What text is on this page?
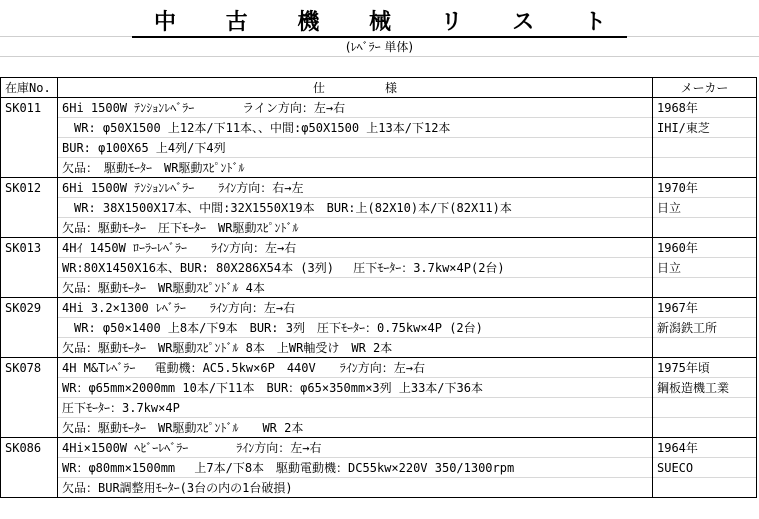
中 古 機 械 リ ス ト
(ﾚﾍﾞﾗｰ 単体)
在庫No.	仕　　　　　様	メーカー
SK011	6Hi 1500W ﾃﾝｼｮﾝﾚﾍﾞﾗｰ　　　　ライン方向：左→右	1968年
	　WR: φ50X1500 上12本/下11本、、中間:φ50X1500 上13本/下12本	IHI/東芝
	BUR: φ100X65 上4列/下4列	
	欠品：　駆動ﾓｰﾀｰ　WR駆動ｽﾋﾟﾝﾄﾞﾙ	
SK012	6Hi 1500W ﾃﾝｼｮﾝﾚﾍﾞﾗｰ　　ﾗｲﾝ方向：右→左	1970年
	　WR: 38X1500X17本、中間:32X1550X19本　BUR:上(82X10)本/下(82X11)本	日立
	欠品：駆動ﾓｰﾀｰ　圧下ﾓｰﾀｰ　WR駆動ｽﾋﾟﾝﾄﾞﾙ	
SK013	4Hｲ 1450W ﾛｰﾗｰﾚﾍﾞﾗｰ　　ﾗｲﾝ方向：左→右	1960年
	WR:80X1450X16本、BUR: 80X286X54本 (3列)　 圧下ﾓｰﾀｰ：3.7kw×4P(2台)	日立
	欠品：駆動ﾓｰﾀｰ　WR駆動ｽﾋﾟﾝﾄﾞﾙ 4本	
SK029	4Hi 3.2×1300 ﾚﾍﾞﾗｰ　　ﾗｲﾝ方向：左→右	1967年
	　WR: φ50×1400 上8本/下9本　BUR: 3列　圧下ﾓｰﾀｰ：0.75kw×4P (2台)	新潟鉄工所
	欠品：駆動ﾓｰﾀｰ　WR駆動ｽﾋﾟﾝﾄﾞﾙ 8本　上WR軸受け　WR 2本	
SK078	4H M&Tﾚﾍﾞﾗｰ　 電動機：AC5.5kw×6P　440V　　ﾗｲﾝ方向：左→右	1975年頃
	WR：φ65mm×2000mm 10本/下11本　BUR：φ65×350mm×3列 上33本/下36本	鋼板造機工業
	圧下ﾓｰﾀｰ：3.7kw×4P	
	欠品：駆動ﾓｰﾀｰ　WR駆動ｽﾋﾟﾝﾄﾞﾙ　　WR 2本	
SK086	4Hi×1500W ﾍﾋﾞｰﾚﾍﾞﾗｰ　　　　ﾗｲﾝ方向：左→右	1964年
	WR：φ80mm×1500mm　 上7本/下8本　駆動電動機：DC55kw×220V 350/1300rpm	SUECO
	欠品：BUR調整用ﾓｰﾀｰ(3台の内の1台破損)	
